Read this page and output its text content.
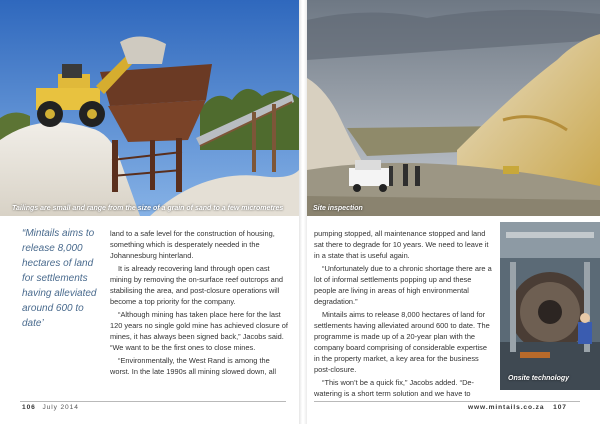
Tailings are small and range from the size of a grain of sand to a few micrometres	Site inspection
“Mintails aims to release 8,000 hectares of land for settlements having alleviated around 600 to date’

land to a safe level for the construction of housing, something which is desperately needed in the Johannesburg hinterland.

It is already recovering land through open cast mining by removing the on-surface reef outcrops and stabilising the area, and post-closure operations will become a top priority for the company.

“Although mining has taken place here for the last 120 years no single gold mine has achieved closure of mines, it has always been signed back,” Jacobs said. “We want to be the first ones to close mines.

“Environmentally, the West Rand is among the worst. In the late 1990s all mining slowed down, all

pumping stopped, all maintenance stopped and land sat there to degrade for 10 years. We need to leave it in a state that is useful again.

“Unfortunately due to a chronic shortage there are a lot of informal settlements popping up and these people are living in areas of high environmental degradation.”

Mintails aims to release 8,000 hectares of land for settlements having alleviated around 600 to date. The programme is made up of a 20-year plan with the company board comprising of considerable expertise in the property market, a key area for the business post-closure.

“This won’t be a quick fix,” Jacobs added. “De-watering is a short term solution and we have to

Onsite technology
106 July 2014	www.mintails.co.za 107
